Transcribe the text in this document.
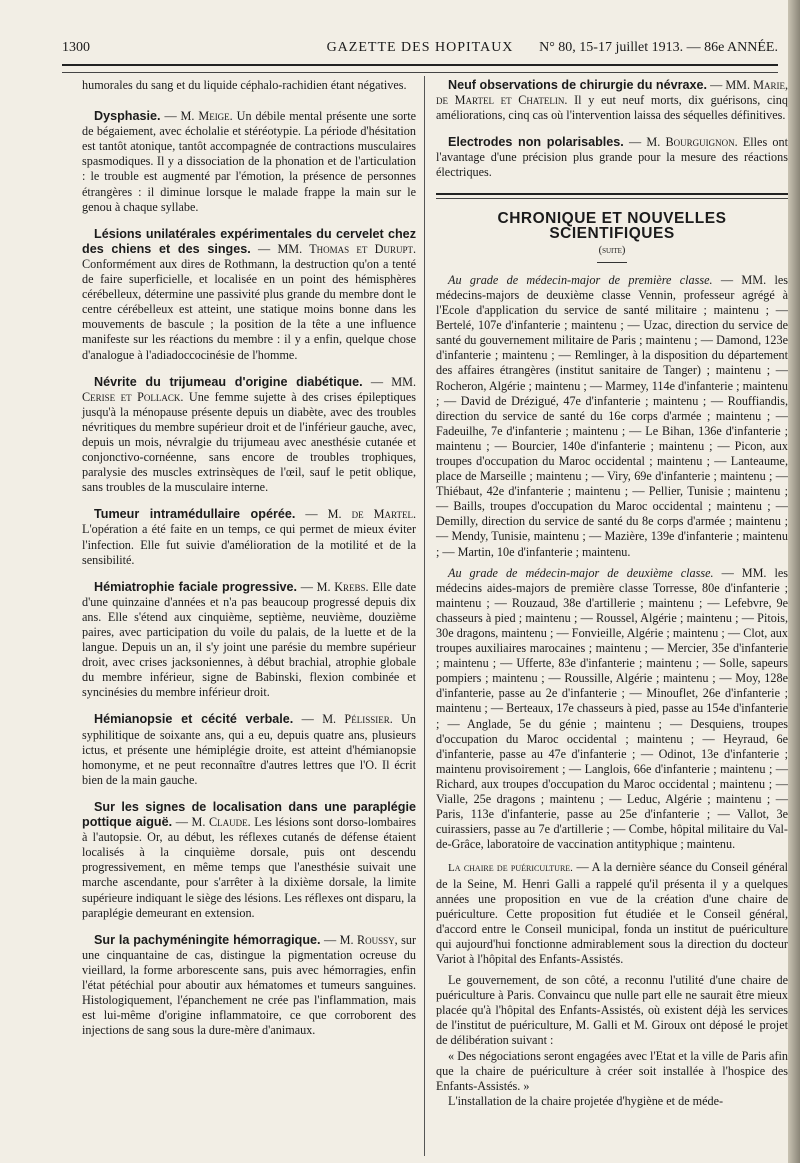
1300	GAZETTE DES HOPITAUX	N° 80, 15-17 juillet 1913. — 86e ANNÉE.

humorales du sang et du liquide céphalo-rachidien étant négatives.

Dysphasie. — M. Meige. Un débile mental présente une sorte de bégaiement, avec écholalie et stéréotypie. La période d'hésitation est tantôt atonique, tantôt accompagnée de contractions musculaires spasmodiques. Il y a dissociation de la phonation et de l'articulation : le trouble est augmenté par l'émotion, la présence de personnes étrangères : il diminue lorsque le malade frappe la main sur le genou à chaque syllabe.

Lésions unilatérales expérimentales du cervelet chez des chiens et des singes. — MM. Thomas et Durupt. Conformément aux dires de Rothmann, la destruction qu'on a tenté de faire superficielle, et localisée en un point des hémisphères cérébelleux, détermine une passivité plus grande du membre dont le centre cérébelleux est atteint, une statique moins bonne dans les mouvements de bascule ; la position de la tête a une influence manifeste sur les réactions du membre : il y a enfin, quelque chose d'analogue à l'adiadoccocinésie de l'homme.

Névrite du trijumeau d'origine diabétique. — MM. Cerise et Pollack. Une femme sujette à des crises épileptiques jusqu'à la ménopause présente depuis un diabète, avec des troubles névritiques du membre supérieur droit et de l'inférieur gauche, avec, depuis un mois, névralgie du trijumeau avec anesthésie cutanée et conjonctivo-cornéenne, sans encore de troubles trophiques, paralysie des muscles extrinsèques de l'œil, sauf le petit oblique, sans troubles de la musculaire interne.

Tumeur intramédullaire opérée. — M. de Martel. L'opération a été faite en un temps, ce qui permet de mieux éviter l'infection. Elle fut suivie d'amélioration de la motilité et de la sensibilité.

Hémiatrophie faciale progressive. — M. Krebs. Elle date d'une quinzaine d'années et n'a pas beaucoup progressé depuis dix ans. Elle s'étend aux cinquième, septième, neuvième, douzième paires, avec participation du voile du palais, de la luette et de la langue. Depuis un an, il s'y joint une parésie du membre supérieur droit, avec crises jacksoniennes, à début brachial, atrophie globale du membre inférieur, signe de Babinski, flexion combinée et syncinésies du membre inférieur droit.

Hémianopsie et cécité verbale. — M. Pélissier. Un syphilitique de soixante ans, qui a eu, depuis quatre ans, plusieurs ictus, et présente une hémiplégie droite, est atteint d'hémianopsie homonyme, et ne peut reconnaître d'autres lettres que l'O. Il écrit bien de la main gauche.

Sur les signes de localisation dans une paraplégie pottique aiguë. — M. Claude. Les lésions sont dorso-lombaires à l'autopsie. Or, au début, les réflexes cutanés de défense étaient localisés à la cinquième dorsale, puis ont descendu progressivement, en même temps que l'anesthésie suivait une marche ascendante, pour s'arrêter à la dixième dorsale, la limite supérieure indiquant le siège des lésions. Les réflexes ont disparu, la paraplégie demeurant en extension.

Sur la pachyméningite hémorragique. — M. Roussy, sur une cinquantaine de cas, distingue la pigmentation ocreuse du vieillard, la forme arborescente sans, puis avec hémorragies, enfin l'état pétéchial pour aboutir aux hématomes et tumeurs sanguines. Histologiquement, l'épanchement ne crée pas l'inflammation, mais est lui-même d'origine inflammatoire, ce que corroborent des injections de sang sous la dure-mère d'animaux.

Neuf observations de chirurgie du névraxe. — MM. Marie, de Martel et Chatelin. Il y eut neuf morts, dix guérisons, cinq améliorations, cinq cas où l'intervention laissa des séquelles définitives.

Electrodes non polarisables. — M. Bourguignon. Elles ont l'avantage d'une précision plus grande pour la mesure des réactions électriques.

CHRONIQUE ET NOUVELLES SCIENTIFIQUES
(suite)

Au grade de médecin-major de première classe. — MM. les médecins-majors de deuxième classe Vennin, professeur agrégé à l'Ecole d'application du service de santé militaire ; maintenu ; — Bertelé, 107e d'infanterie ; maintenu ; — Uzac, direction du service de santé du gouvernement militaire de Paris ; maintenu ; — Damond, 123e d'infanterie ; maintenu ; — Remlinger, à la disposition du département des affaires étrangères (institut sanitaire de Tanger) ; maintenu ; — Rocheron, Algérie ; maintenu ; — Marmey, 114e d'infanterie ; maintenu ; — David de Drézigué, 47e d'infanterie ; maintenu ; — Rouffiandis, direction du service de santé du 16e corps d'armée ; maintenu ; — Fadeuilhe, 7e d'infanterie ; maintenu ; — Le Bihan, 136e d'infanterie ; maintenu ; — Bourcier, 140e d'infanterie ; maintenu ; — Picon, aux troupes d'occupation du Maroc occidental ; maintenu ; — Lanteaume, place de Marseille ; maintenu ; — Viry, 69e d'infanterie ; maintenu ; — Thiébaut, 42e d'infanterie ; maintenu ; — Pellier, Tunisie ; maintenu ; — Baills, troupes d'occupation du Maroc occidental ; maintenu ; — Demilly, direction du service de santé du 8e corps d'armée ; maintenu ; — Mendy, Tunisie, maintenu ; — Mazière, 139e d'infanterie ; maintenu ; — Martin, 10e d'infanterie ; maintenu.

Au grade de médecin-major de deuxième classe. — MM. les médecins aides-majors de première classe Torresse, 80e d'infanterie ; maintenu ; — Rouzaud, 38e d'artillerie ; maintenu ; — Lefebvre, 9e chasseurs à pied ; maintenu ; — Roussel, Algérie ; maintenu ; — Pitois, 30e dragons, maintenu ; — Fonvieille, Algérie ; maintenu ; — Clot, aux troupes auxiliaires marocaines ; maintenu ; — Mercier, 35e d'infanterie ; maintenu ; — Ufferte, 83e d'infanterie ; maintenu ; — Solle, sapeurs pompiers ; maintenu ; — Roussille, Algérie ; maintenu ; — Moy, 128e d'infanterie, passe au 2e d'infanterie ; — Minouflet, 26e d'infanterie ; maintenu ; — Berteaux, 17e chasseurs à pied, passe au 154e d'infanterie ; — Anglade, 5e du génie ; maintenu ; — Desquiens, troupes d'occupation du Maroc occidental ; maintenu ; — Heyraud, 6e d'infanterie, passe au 47e d'infanterie ; — Odinot, 13e d'infanterie ; maintenu provisoirement ; — Langlois, 66e d'infanterie ; maintenu ; — Richard, aux troupes d'occupation du Maroc occidental ; maintenu ; — Vialle, 25e dragons ; maintenu ; — Leduc, Algérie ; maintenu ; — Paris, 113e d'infanterie, passe au 25e d'infanterie ; — Vallot, 3e cuirassiers, passe au 7e d'artillerie ; — Combe, hôpital militaire du Val-de-Grâce, laboratoire de vaccination antityphique ; maintenu.

La chaire de puériculture. — A la dernière séance du Conseil général de la Seine, M. Henri Galli a rappelé qu'il présenta il y a quelques années une proposition en vue de la création d'une chaire de puériculture. Cette proposition fut étudiée et le Conseil général, d'accord entre le Conseil municipal, fonda un institut de puériculture qui aujourd'hui fonctionne admirablement sous la direction du docteur Variot à l'hôpital des Enfants-Assistés.

Le gouvernement, de son côté, a reconnu l'utilité d'une chaire de puériculture à Paris. Convaincu que nulle part elle ne saurait être mieux placée qu'à l'hôpital des Enfants-Assistés, où existent déjà les services de l'institut de puériculture, M. Galli et M. Giroux ont déposé le projet de délibération suivant :

« Des négociations seront engagées avec l'Etat et la ville de Paris afin que la chaire de puériculture à créer soit installée à l'hospice des Enfants-Assistés. »

L'installation de la chaire projetée d'hygiène et de méde-
